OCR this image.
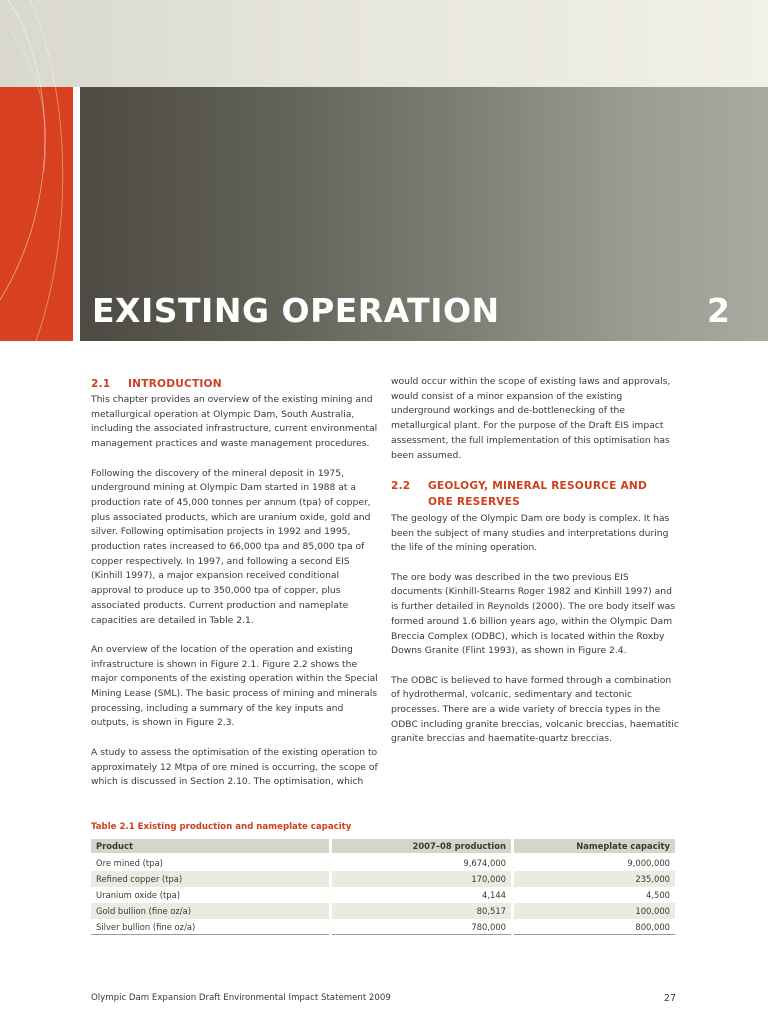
EXISTING OPERATION	2
2.1	INTRODUCTION

This chapter provides an overview of the existing mining and metallurgical operation at Olympic Dam, South Australia, including the associated infrastructure, current environmental management practices and waste management procedures.

Following the discovery of the mineral deposit in 1975, underground mining at Olympic Dam started in 1988 at a production rate of 45,000 tonnes per annum (tpa) of copper, plus associated products, which are uranium oxide, gold and silver. Following optimisation projects in 1992 and 1995, production rates increased to 66,000 tpa and 85,000 tpa of copper respectively. In 1997, and following a second EIS (Kinhill 1997), a major expansion received conditional approval to produce up to 350,000 tpa of copper, plus associated products. Current production and nameplate capacities are detailed in Table 2.1.

An overview of the location of the operation and existing infrastructure is shown in Figure 2.1. Figure 2.2 shows the major components of the existing operation within the Special Mining Lease (SML). The basic process of mining and minerals processing, including a summary of the key inputs and outputs, is shown in Figure 2.3.

A study to assess the optimisation of the existing operation to approximately 12 Mtpa of ore mined is occurring, the scope of which is discussed in Section 2.10. The optimisation, which

would occur within the scope of existing laws and approvals, would consist of a minor expansion of the existing underground workings and de-bottlenecking of the metallurgical plant. For the purpose of the Draft EIS impact assessment, the full implementation of this optimisation has been assumed.

2.2	GEOLOGY, MINERAL RESOURCE AND
ORE RESERVES

The geology of the Olympic Dam ore body is complex. It has been the subject of many studies and interpretations during the life of the mining operation.

The ore body was described in the two previous EIS documents (Kinhill-Stearns Roger 1982 and Kinhill 1997) and is further detailed in Reynolds (2000). The ore body itself was formed around 1.6 billion years ago, within the Olympic Dam Breccia Complex (ODBC), which is located within the Roxby Downs Granite (Flint 1993), as shown in Figure 2.4.

The ODBC is believed to have formed through a combination of hydrothermal, volcanic, sedimentary and tectonic processes. There are a wide variety of breccia types in the ODBC including granite breccias, volcanic breccias, haematitic granite breccias and haematite-quartz breccias.

Table 2.1 Existing production and nameplate capacity
Product		2007–08 production		Nameplate capacity
Ore mined (tpa)		9,674,000		9,000,000
Refined copper (tpa)		170,000		235,000
Uranium oxide (tpa)		4,144		4,500
Gold bullion (fine oz/a)		80,517		100,000
Silver bullion (fine oz/a)		780,000		800,000
Olympic Dam Expansion Draft Environmental Impact Statement 2009	27
